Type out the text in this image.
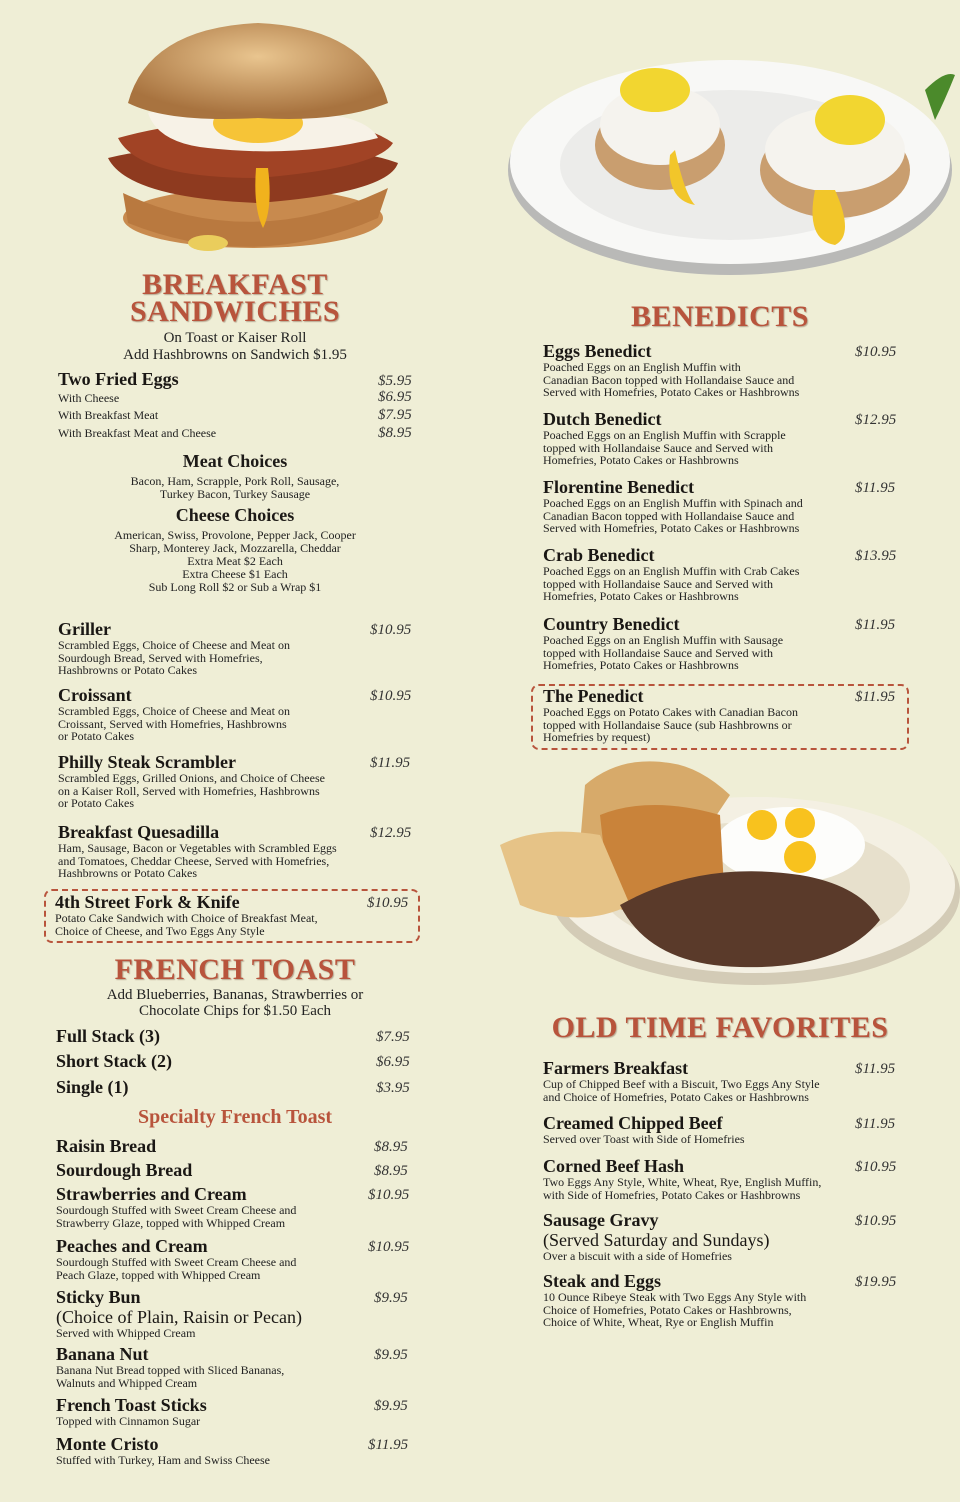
BREAKFAST
SANDWICHES
On Toast or Kaiser Roll
Add Hashbrowns on Sandwich $1.95
Two Fried Eggs	$5.95
With Cheese	$6.95
With Breakfast Meat	$7.95
With Breakfast Meat and Cheese	$8.95
Meat Choices
Bacon, Ham, Scrapple, Pork Roll, Sausage,
Turkey Bacon, Turkey Sausage
Cheese Choices
American, Swiss, Provolone, Pepper Jack, Cooper
Sharp, Monterey Jack, Mozzarella, Cheddar
Extra Meat $2 Each
Extra Cheese $1 Each
Sub Long Roll $2 or Sub a Wrap $1
Griller	$10.95
Scrambled Eggs, Choice of Cheese and Meat on
Sourdough Bread, Served with Homefries,
Hashbrowns or Potato Cakes
Croissant	$10.95
Scrambled Eggs, Choice of Cheese and Meat on
Croissant, Served with Homefries, Hashbrowns
or Potato Cakes
Philly Steak Scrambler	$11.95
Scrambled Eggs, Grilled Onions, and Choice of Cheese
on a Kaiser Roll, Served with Homefries, Hashbrowns
or Potato Cakes
Breakfast Quesadilla	$12.95
Ham, Sausage, Bacon or Vegetables with Scrambled Eggs
and Tomatoes, Cheddar Cheese, Served with Homefries,
Hashbrowns or Potato Cakes
4th Street Fork & Knife	$10.95
Potato Cake Sandwich with Choice of Breakfast Meat,
Choice of Cheese, and Two Eggs Any Style
FRENCH TOAST
Add Blueberries, Bananas, Strawberries or
Chocolate Chips for $1.50 Each
Full Stack (3)	$7.95
Short Stack (2)	$6.95
Single (1)	$3.95
Specialty French Toast
Raisin Bread	$8.95
Sourdough Bread	$8.95
Strawberries and Cream	$10.95
Sourdough Stuffed with Sweet Cream Cheese and
Strawberry Glaze, topped with Whipped Cream
Peaches and Cream	$10.95
Sourdough Stuffed with Sweet Cream Cheese and
Peach Glaze, topped with Whipped Cream
Sticky Bun	$9.95
(Choice of Plain, Raisin or Pecan)
Served with Whipped Cream
Banana Nut	$9.95
Banana Nut Bread topped with Sliced Bananas,
Walnuts and Whipped Cream
French Toast Sticks	$9.95
Topped with Cinnamon Sugar
Monte Cristo	$11.95
Stuffed with Turkey, Ham and Swiss Cheese
BENEDICTS
Eggs Benedict	$10.95
Poached Eggs on an English Muffin with
Canadian Bacon topped with Hollandaise Sauce and
Served with Homefries, Potato Cakes or Hashbrowns
Dutch Benedict	$12.95
Poached Eggs on an English Muffin with Scrapple
topped with Hollandaise Sauce and Served with
Homefries, Potato Cakes or Hashbrowns
Florentine Benedict	$11.95
Poached Eggs on an English Muffin with Spinach and
Canadian Bacon topped with Hollandaise Sauce and
Served with Homefries, Potato Cakes or Hashbrowns
Crab Benedict	$13.95
Poached Eggs on an English Muffin with Crab Cakes
topped with Hollandaise Sauce and Served with
Homefries, Potato Cakes or Hashbrowns
Country Benedict	$11.95
Poached Eggs on an English Muffin with Sausage
topped with Hollandaise Sauce and Served with
Homefries, Potato Cakes or Hashbrowns
The Penedict	$11.95
Poached Eggs on Potato Cakes with Canadian Bacon
topped with Hollandaise Sauce (sub Hashbrowns or
Homefries by request)
OLD TIME FAVORITES
Farmers Breakfast	$11.95
Cup of Chipped Beef with a Biscuit, Two Eggs Any Style
and Choice of Homefries, Potato Cakes or Hashbrowns
Creamed Chipped Beef	$11.95
Served over Toast with Side of Homefries
Corned Beef Hash	$10.95
Two Eggs Any Style, White, Wheat, Rye, English Muffin,
with Side of Homefries, Potato Cakes or Hashbrowns
Sausage Gravy	$10.95
(Served Saturday and Sundays)
Over a biscuit with a side of Homefries
Steak and Eggs	$19.95
10 Ounce Ribeye Steak with Two Eggs Any Style with
Choice of Homefries, Potato Cakes or Hashbrowns,
Choice of White, Wheat, Rye or English Muffin
